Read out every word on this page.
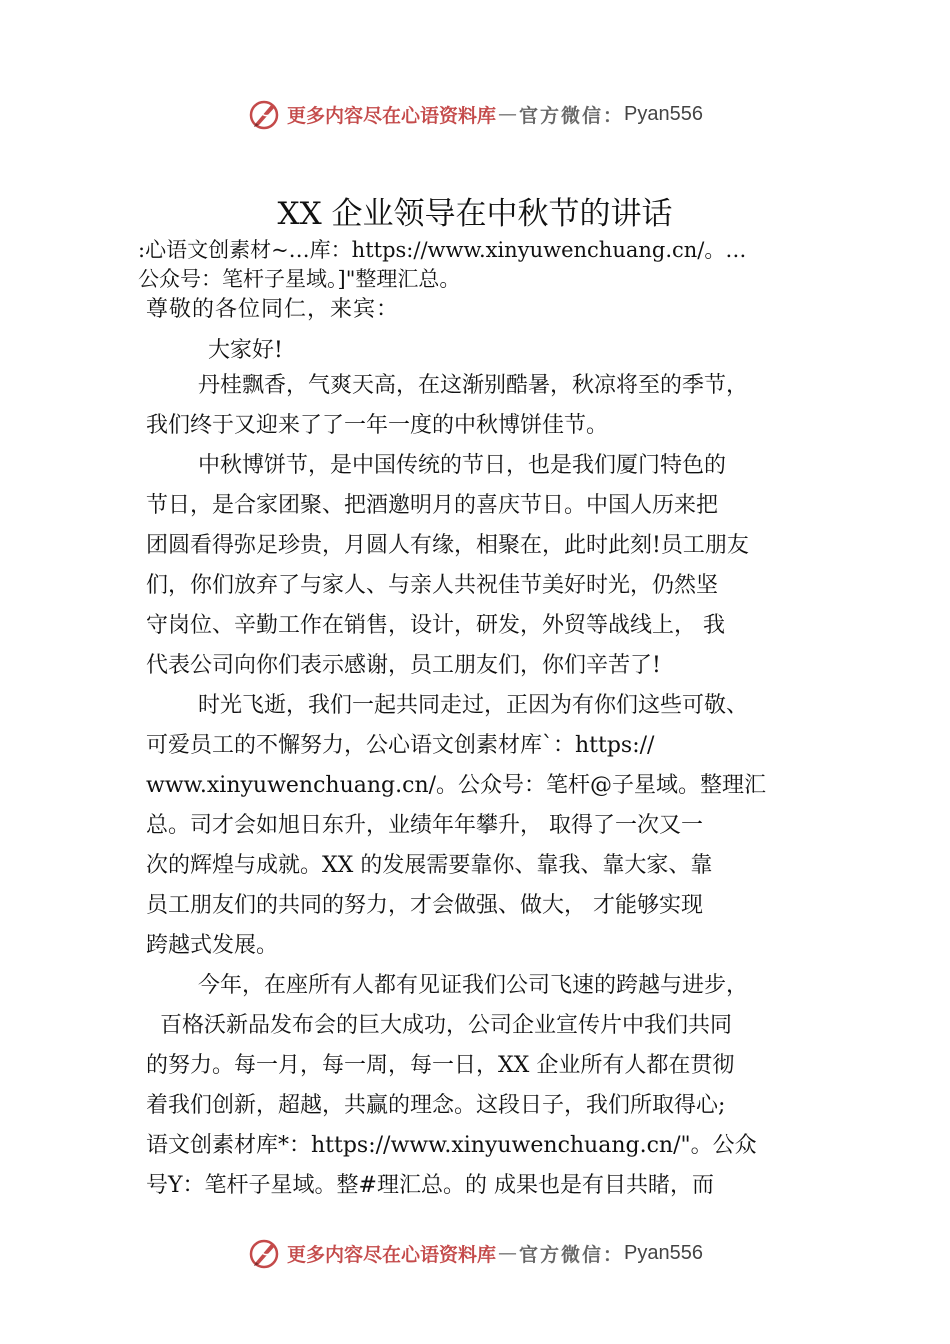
更多内容尽在心语资料库 — 官方微信： Pyan556
XX 企业领导在中秋节的讲话
:心语文创素材~…库：https://www.xinyuwenchuang.cn/。…
公众号：笔杆子星域。]"整理汇总。
尊敬的各位同仁，来宾：
大家好!

丹桂飘香，气爽天高，在这渐别酷暑，秋凉将至的季节，
我们终于又迎来了了一年一度的中秋博饼佳节。

中秋博饼节，是中国传统的节日，也是我们厦门特色的
节日，是合家团聚、把酒邀明月的喜庆节日。中国人历来把
团圆看得弥足珍贵，月圆人有缘，相聚在，此时此刻!员工朋友
们，你们放弃了与家人、与亲人共祝佳节美好时光，仍然坚
守岗位、辛勤工作在销售，设计，研发，外贸等战线上， 我
代表公司向你们表示感谢，员工朋友们，你们辛苦了!

时光飞逝，我们一起共同走过，正因为有你们这些可敬、
可爱员工的不懈努力，公心语文创素材库`：https://
www.xinyuwenchuang.cn/。公众号：笔杆@子星域。整理汇
总。司才会如旭日东升，业绩年年攀升， 取得了一次又一
次的辉煌与成就。XX 的发展需要靠你、靠我、靠大家、靠
员工朋友们的共同的努力，才会做强、做大， 才能够实现
跨越式发展。

今年，在座所有人都有见证我们公司飞速的跨越与进步，
百格沃新品发布会的巨大成功，公司企业宣传片中我们共同
的努力。每一月，每一周，每一日，XX 企业所有人都在贯彻
着我们创新，超越，共赢的理念。这段日子，我们所取得心;
语文创素材库*：https://www.xinyuwenchuang.cn/"。公众
号Y：笔杆子星域。整#理汇总。的 成果也是有目共睹，而

更多内容尽在心语资料库 — 官方微信： Pyan556
